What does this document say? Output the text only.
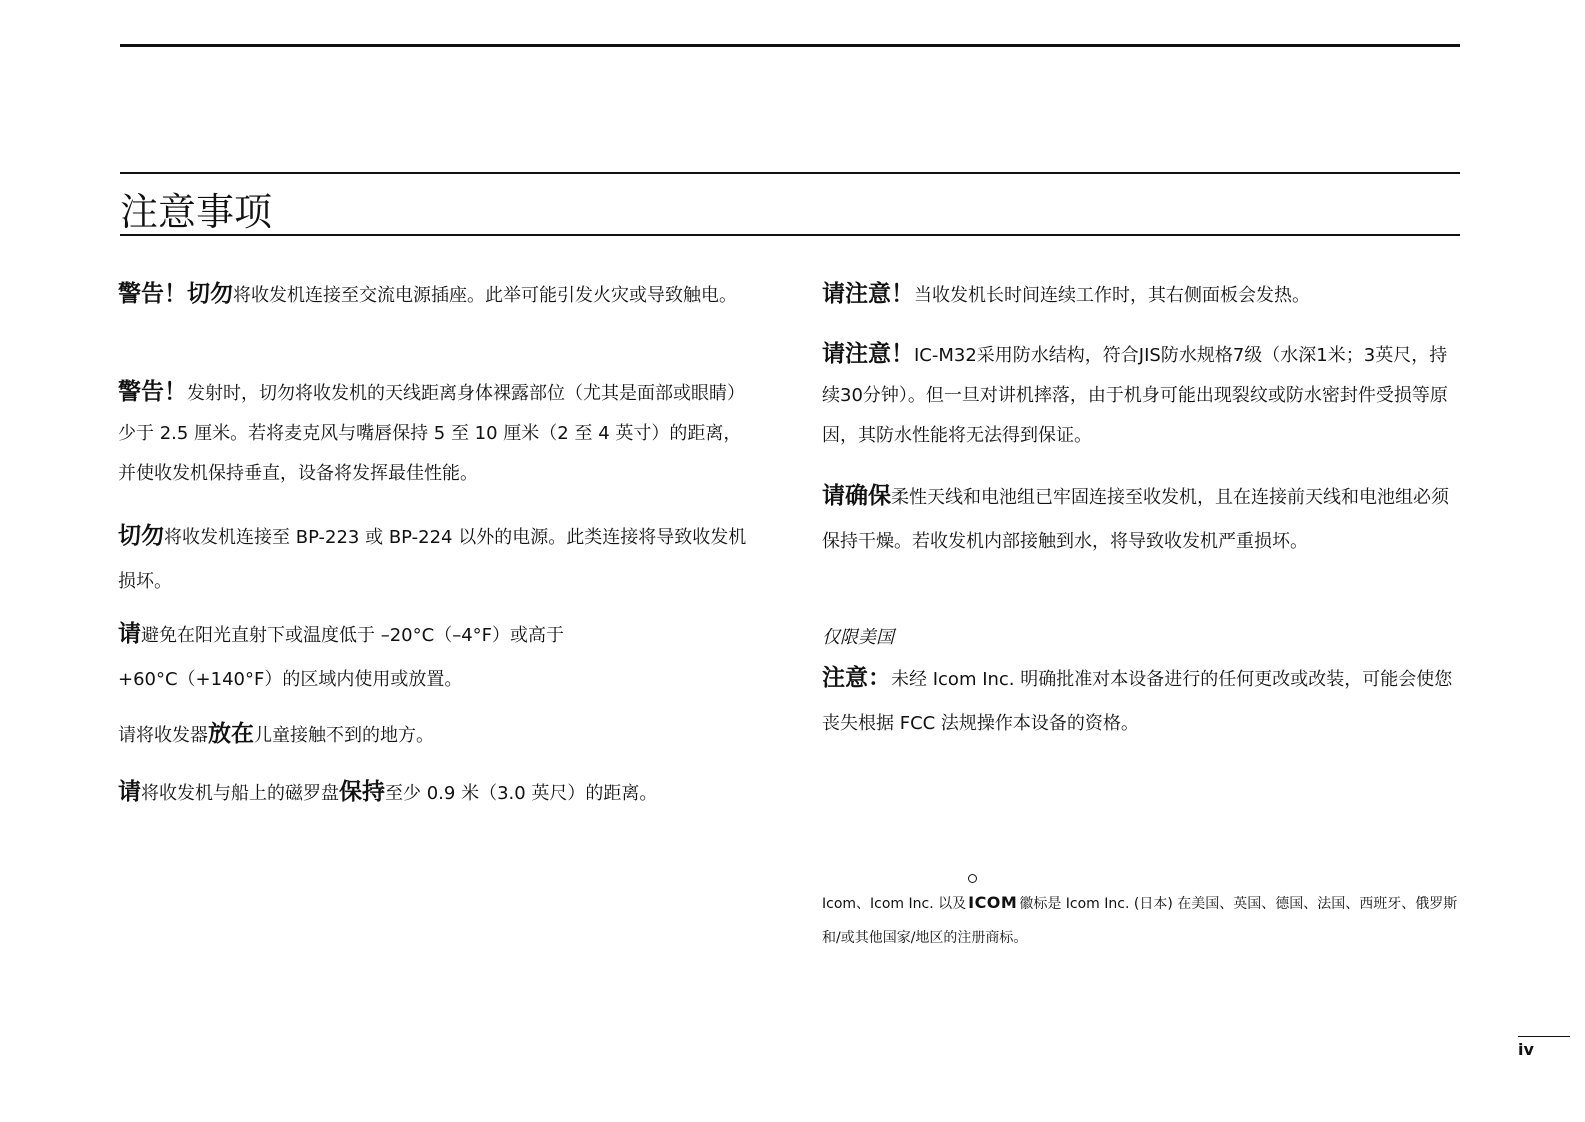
注意事项

警告！切勿将收发机连接至交流电源插座。此举可能引发火灾或导致触电。

警告！发射时，切勿将收发机的天线距离身体裸露部位（尤其是面部或眼睛）少于 2.5 厘米。若将麦克风与嘴唇保持 5 至 10 厘米（2 至 4 英寸）的距离，并使收发机保持垂直，设备将发挥最佳性能。

切勿将收发机连接至 BP-223 或 BP-224 以外的电源。此类连接将导致收发机损坏。

请避免在阳光直射下或温度低于 –20°C（–4°F）或高于
+60°C（+140°F）的区域内使用或放置。

请将收发器放在儿童接触不到的地方。

请将收发机与船上的磁罗盘保持至少 0.9 米（3.0 英尺）的距离。

请注意！当收发机长时间连续工作时，其右侧面板会发热。

请注意！IC-M32采用防水结构，符合JIS防水规格7级（水深1米；3英尺，持续30分钟）。但一旦对讲机摔落，由于机身可能出现裂纹或防水密封件受损等原因，其防水性能将无法得到保证。

请确保柔性天线和电池组已牢固连接至收发机，且在连接前天线和电池组必须保持干燥。若收发机内部接触到水，将导致收发机严重损坏。

仅限美国

注意：未经 Icom Inc. 明确批准对本设备进行的任何更改或改装，可能会使您丧失根据 FCC 法规操作本设备的资格。

Icom、Icom Inc. 以及 ICOM 徽标是 Icom Inc. (日本) 在美国、英国、德国、法国、西班牙、俄罗斯和/或其他国家/地区的注册商标。
iv
